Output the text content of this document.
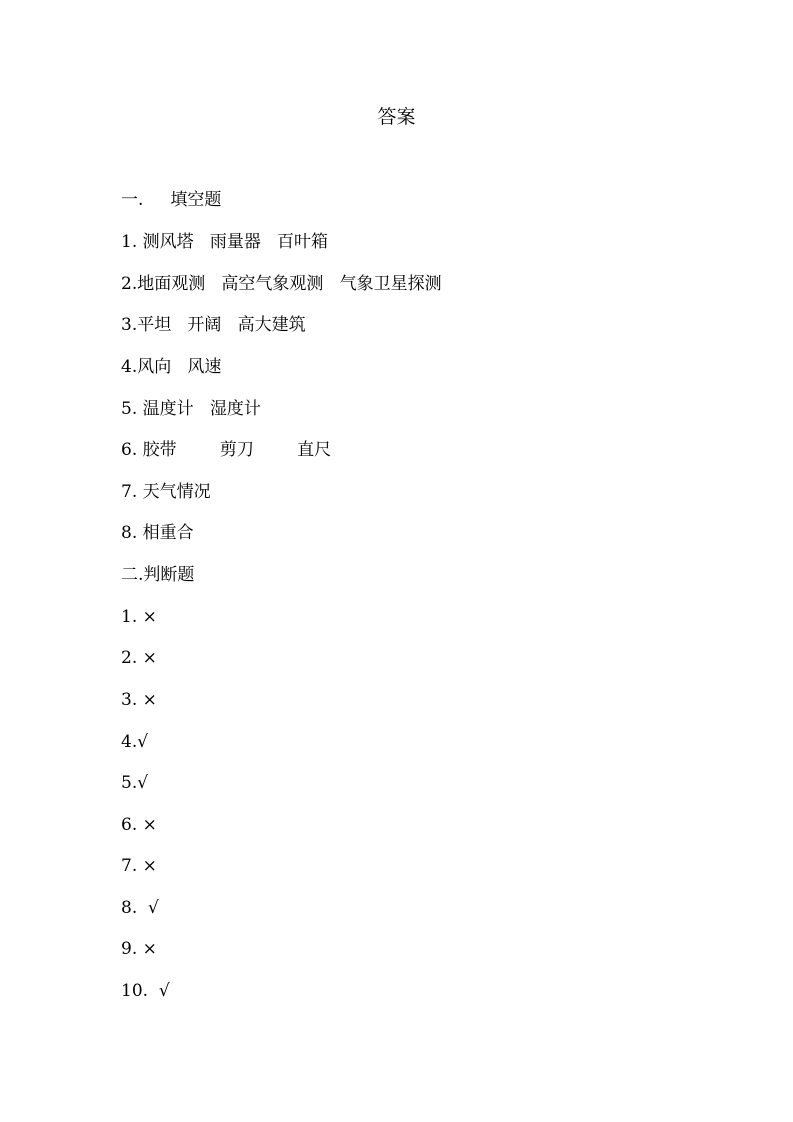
答案
一.     填空题
1. 测风塔   雨量器   百叶箱
2.地面观测   高空气象观测   气象卫星探测
3.平坦   开阔   高大建筑
4.风向   风速
5. 温度计   湿度计
6. 胶带        剪刀        直尺
7. 天气情况
8. 相重合
二.判断题
1. ×
2. ×
3. ×
4.√
5.√
6. ×
7. ×
8.  √
9. ×
10.  √
